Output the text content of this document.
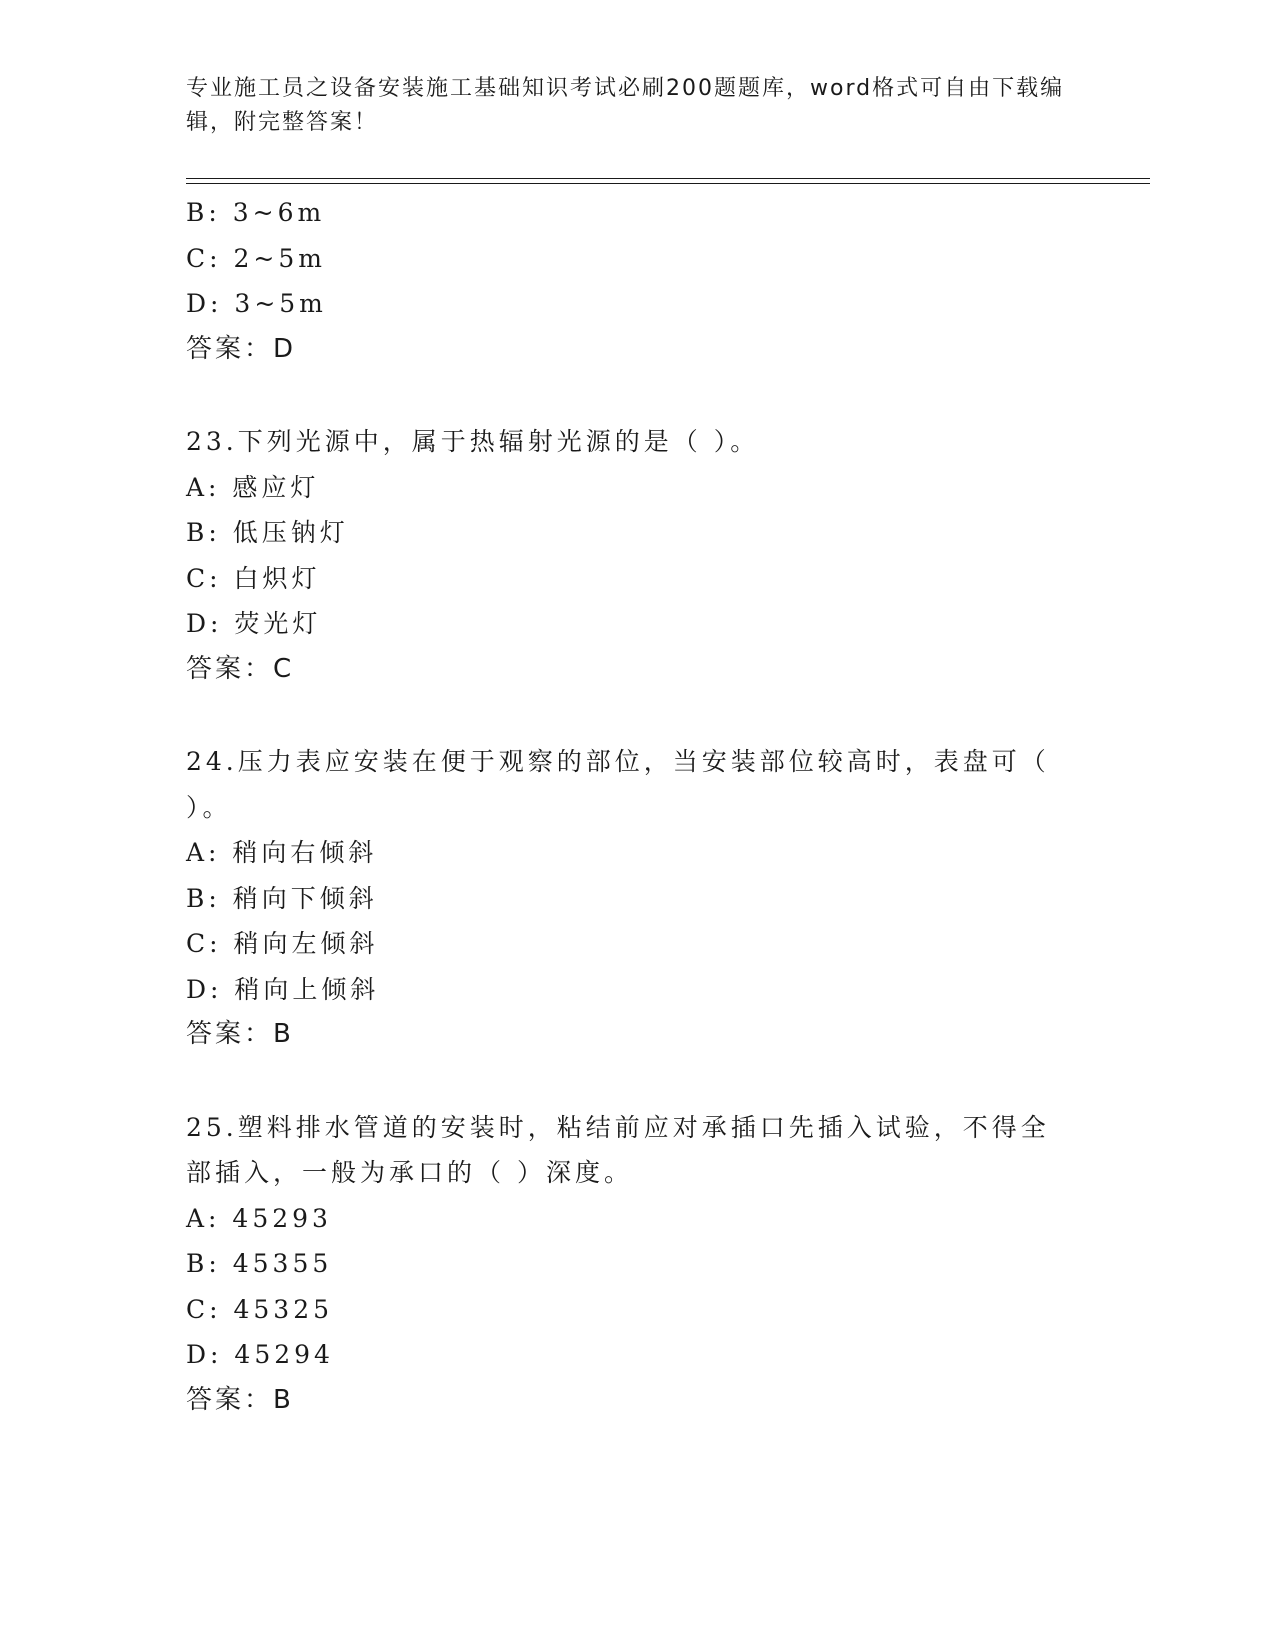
专业施工员之设备安装施工基础知识考试必刷200题题库，word格式可自由下载编辑，附完整答案！
B: 3~6m
C: 2~5m
D: 3~5m
答案：D
23.下列光源中，属于热辐射光源的是（ ）。
A: 感应灯
B: 低压钠灯
C: 白炽灯
D: 荧光灯
答案：C
24.压力表应安装在便于观察的部位，当安装部位较高时，表盘可（ ）。
A: 稍向右倾斜
B: 稍向下倾斜
C: 稍向左倾斜
D: 稍向上倾斜
答案：B
25.塑料排水管道的安装时，粘结前应对承插口先插入试验，不得全部插入，一般为承口的（ ）深度。
A: 45293
B: 45355
C: 45325
D: 45294
答案：B
